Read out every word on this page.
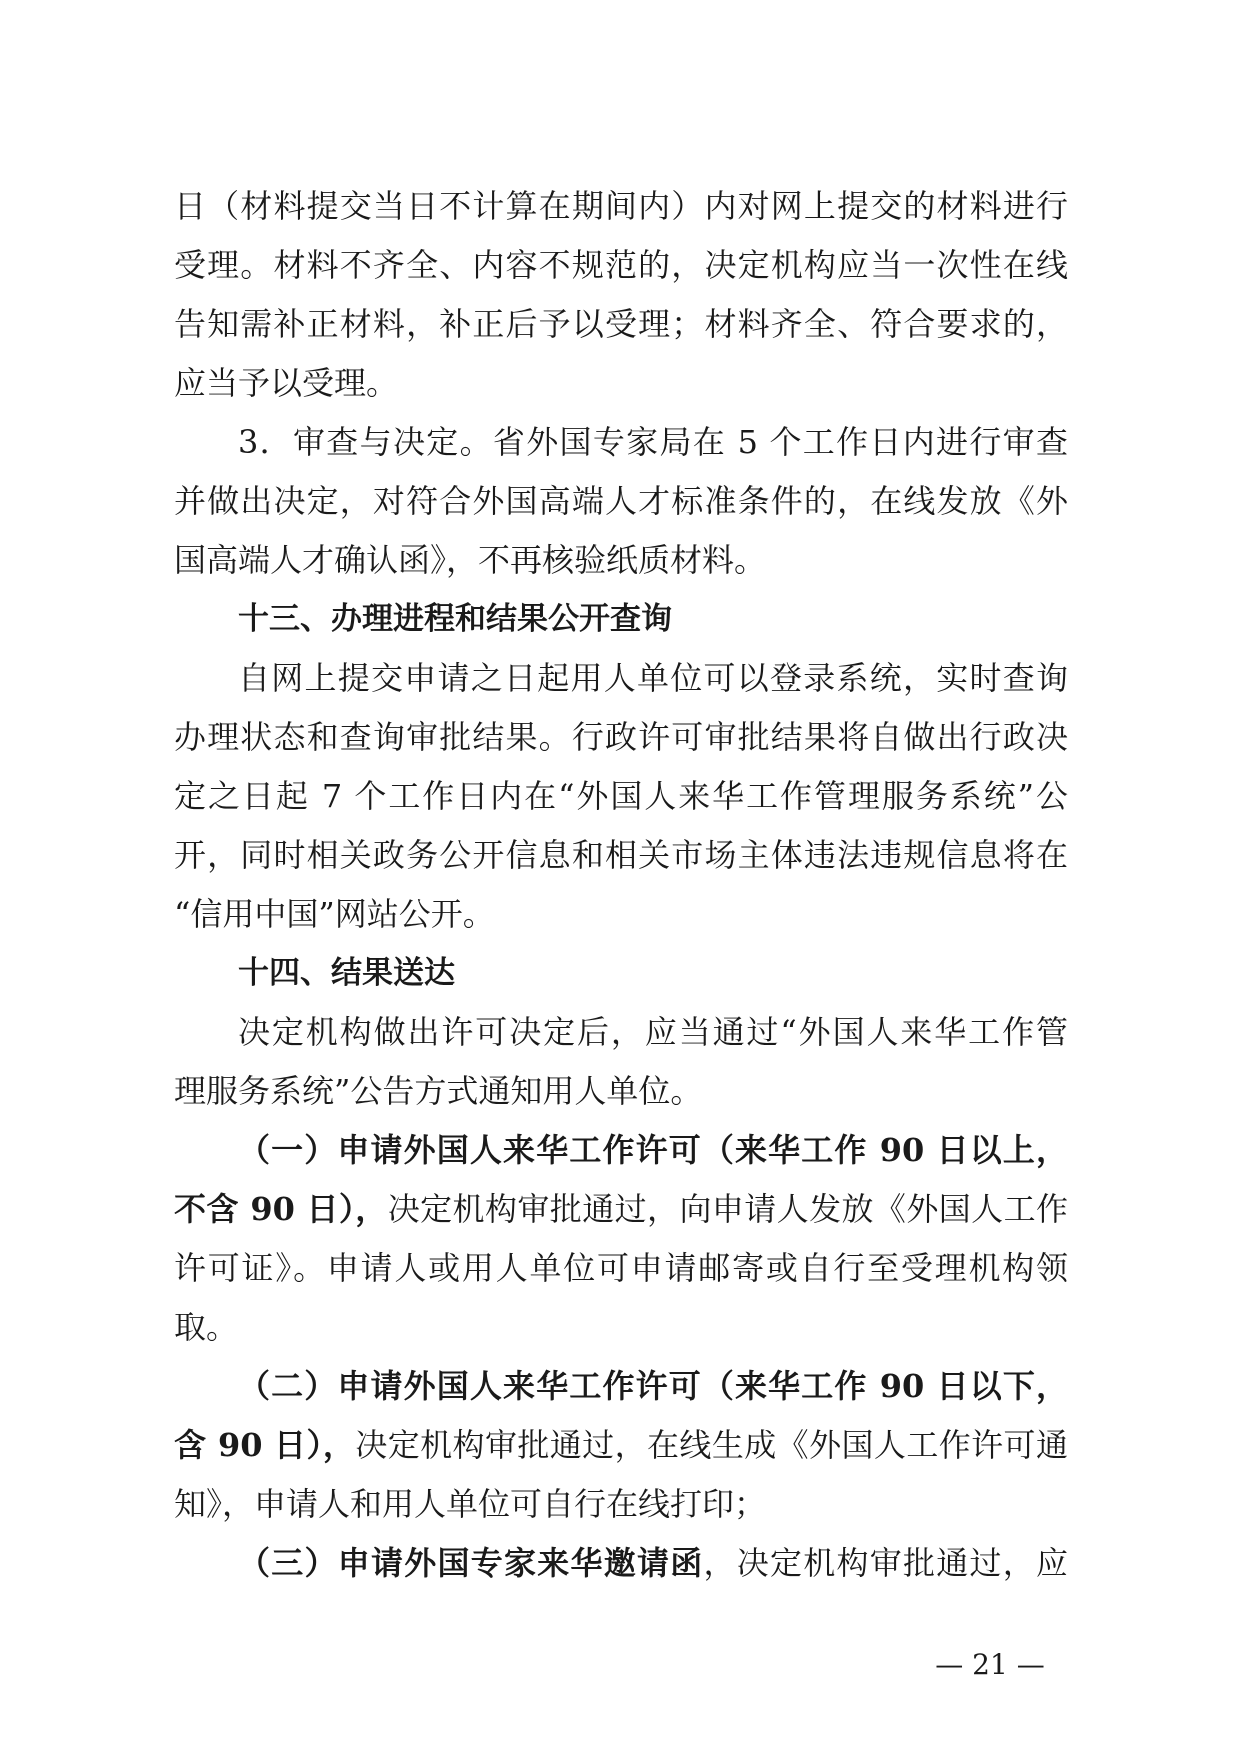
日（材料提交当日不计算在期间内）内对网上提交的材料进行
受理。材料不齐全、内容不规范的，决定机构应当一次性在线
告知需补正材料，补正后予以受理；材料齐全、符合要求的，
应当予以受理。
3．审查与决定。省外国专家局在 5 个工作日内进行审查
并做出决定，对符合外国高端人才标准条件的，在线发放《外
国高端人才确认函》，不再核验纸质材料。
十三、办理进程和结果公开查询
自网上提交申请之日起用人单位可以登录系统，实时查询
办理状态和查询审批结果。行政许可审批结果将自做出行政决
定之日起 7 个工作日内在“外国人来华工作管理服务系统”公
开，同时相关政务公开信息和相关市场主体违法违规信息将在
“信用中国”网站公开。
十四、结果送达
决定机构做出许可决定后，应当通过“外国人来华工作管
理服务系统”公告方式通知用人单位。
（一）申请外国人来华工作许可（来华工作 90 日以上，
不含 90 日），决定机构审批通过，向申请人发放《外国人工作
许可证》。申请人或用人单位可申请邮寄或自行至受理机构领
取。
（二）申请外国人来华工作许可（来华工作 90 日以下，
含 90 日），决定机构审批通过，在线生成《外国人工作许可通
知》，申请人和用人单位可自行在线打印；
（三）申请外国专家来华邀请函，决定机构审批通过，应
— 21 —
